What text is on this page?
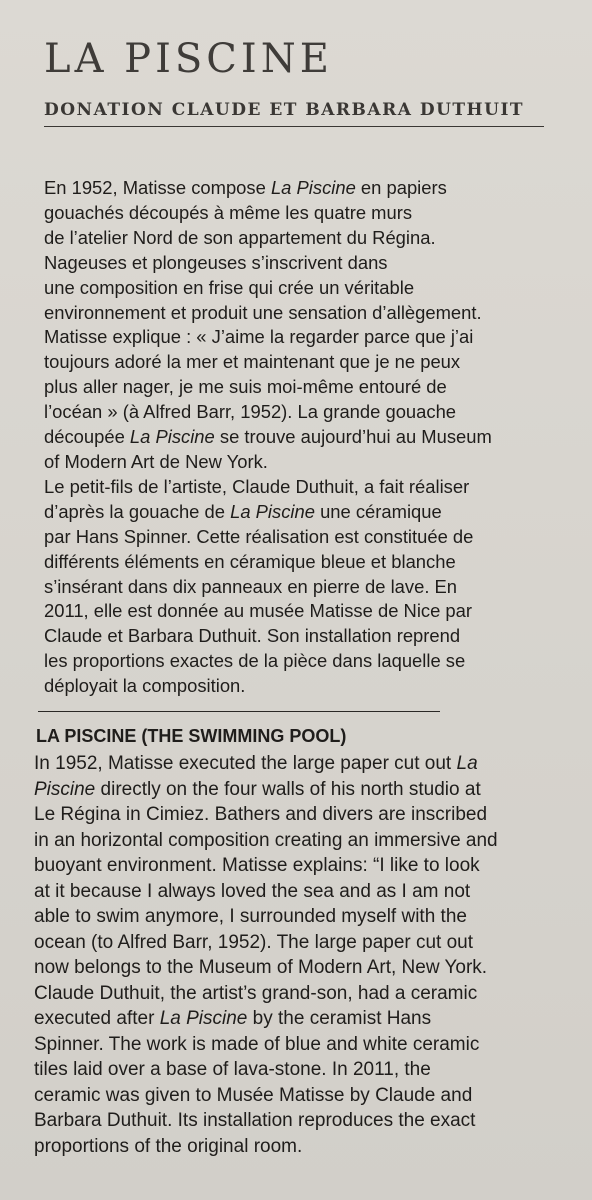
LA PISCINE
DONATION CLAUDE ET BARBARA DUTHUIT
En 1952, Matisse compose La Piscine en papiers
gouachés découpés à même les quatre murs
de l’atelier Nord de son appartement du Régina.
Nageuses et plongeuses s’inscrivent dans
une composition en frise qui crée un véritable
environnement et produit une sensation d’allègement.
Matisse explique : « J’aime la regarder parce que j’ai
toujours adoré la mer et maintenant que je ne peux
plus aller nager, je me suis moi-même entouré de
l’océan » (à Alfred Barr, 1952). La grande gouache
découpée La Piscine se trouve aujourd’hui au Museum
of Modern Art de New York.
Le petit-fils de l’artiste, Claude Duthuit, a fait réaliser
d’après la gouache de La Piscine une céramique
par Hans Spinner. Cette réalisation est constituée de
différents éléments en céramique bleue et blanche
s’insérant dans dix panneaux en pierre de lave. En
2011, elle est donnée au musée Matisse de Nice par
Claude et Barbara Duthuit. Son installation reprend
les proportions exactes de la pièce dans laquelle se
déployait la composition.
LA PISCINE (THE SWIMMING POOL)
In 1952, Matisse executed the large paper cut out La
Piscine directly on the four walls of his north studio at
Le Régina in Cimiez. Bathers and divers are inscribed
in an horizontal composition creating an immersive and
buoyant environment. Matisse explains: “I like to look
at it because I always loved the sea and as I am not
able to swim anymore, I surrounded myself with the
ocean (to Alfred Barr, 1952). The large paper cut out
now belongs to the Museum of Modern Art, New York.
Claude Duthuit, the artist’s grand-son, had a ceramic
executed after La Piscine by the ceramist Hans
Spinner. The work is made of blue and white ceramic
tiles laid over a base of lava-stone. In 2011, the
ceramic was given to Musée Matisse by Claude and
Barbara Duthuit. Its installation reproduces the exact
proportions of the original room.
